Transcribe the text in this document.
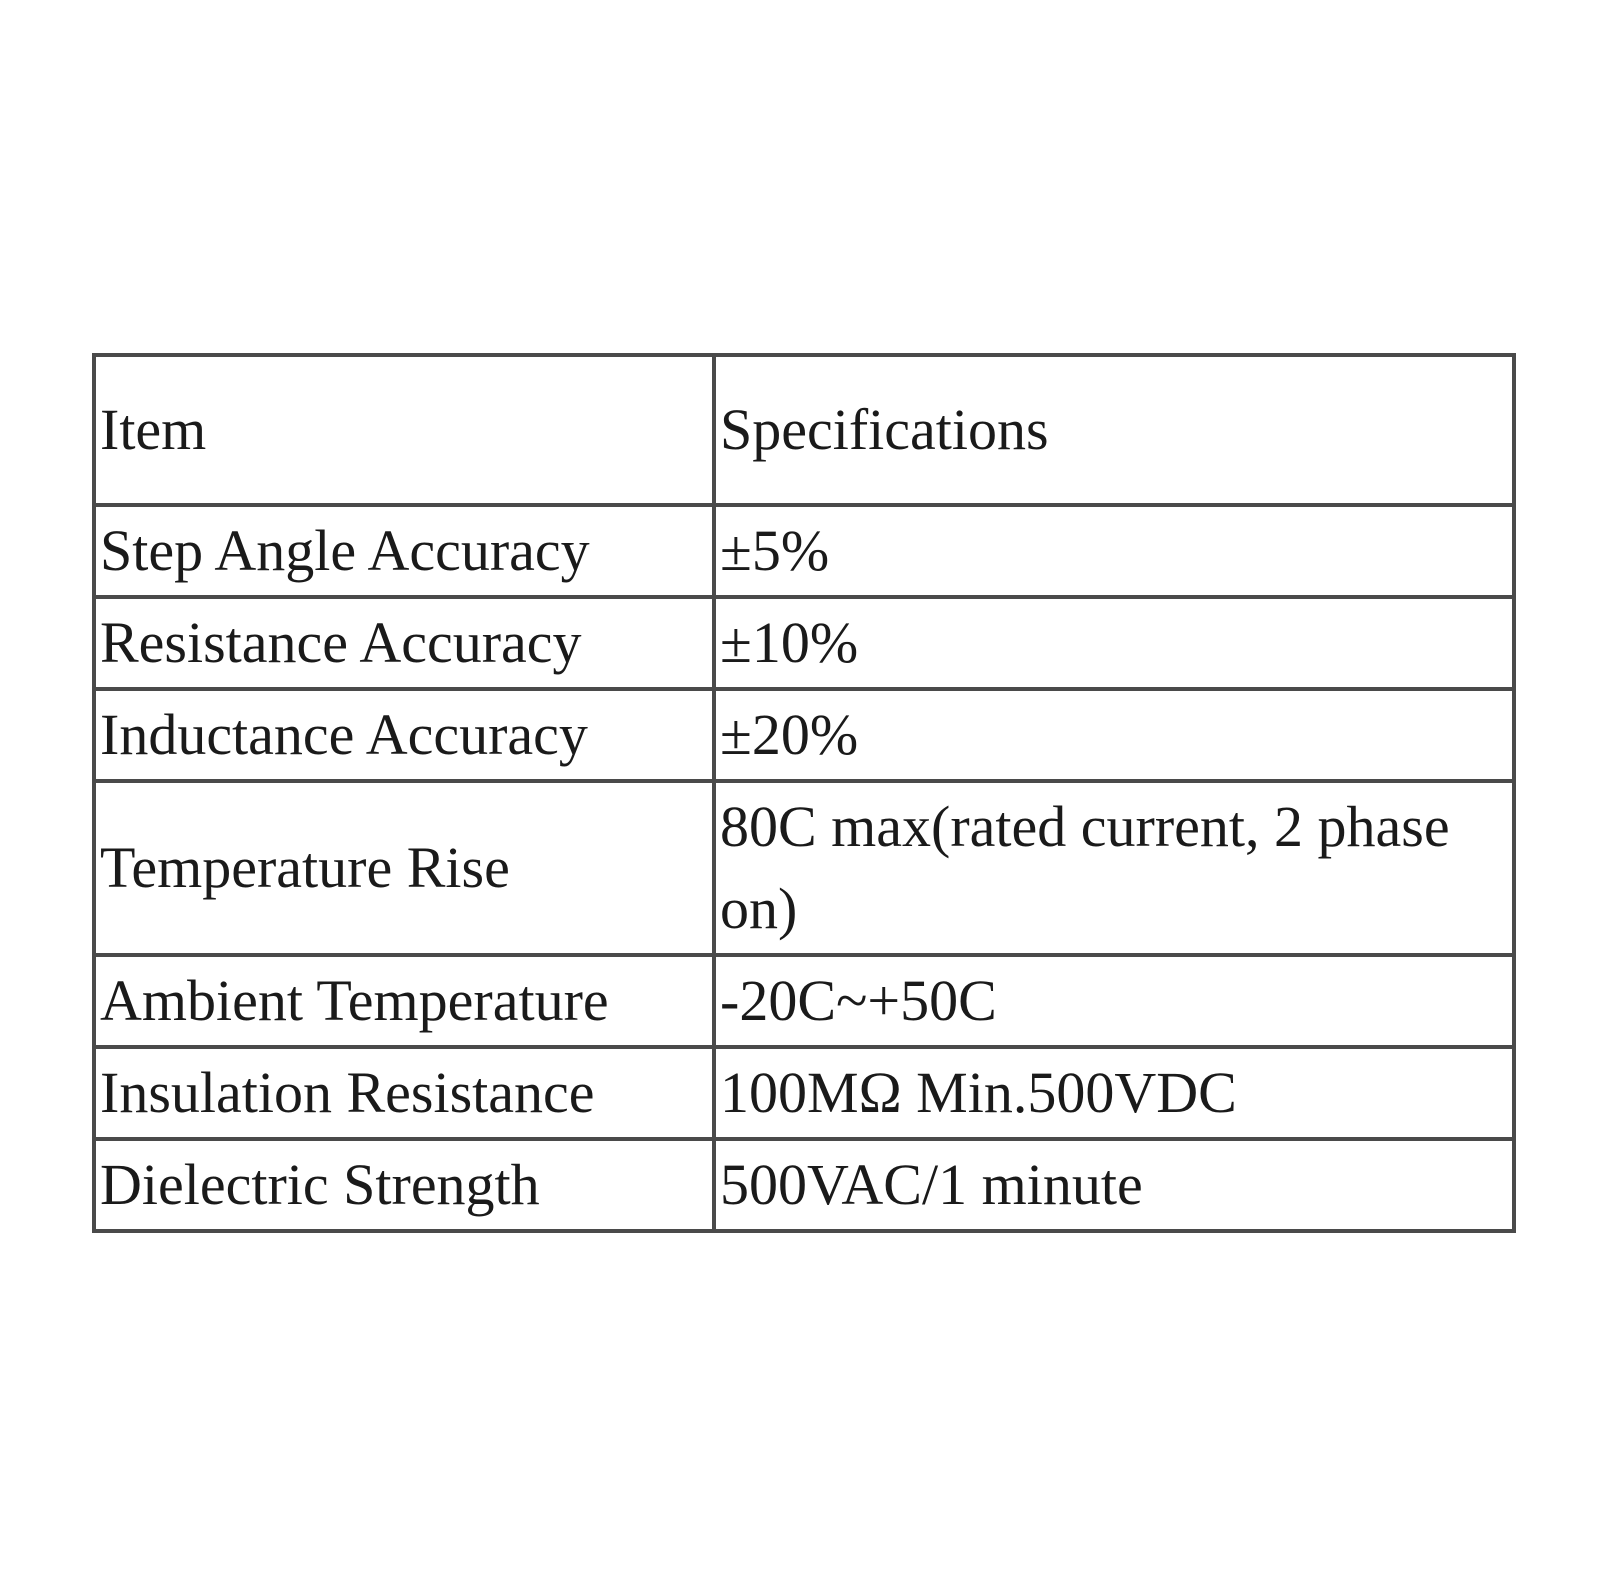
Item	Specifications
Step Angle Accuracy	±5%
Resistance Accuracy	±10%
Inductance Accuracy	±20%
Temperature Rise	80C max(rated current, 2 phase on)
Ambient Temperature	-20C~+50C
Insulation Resistance	100MΩ Min.500VDC
Dielectric Strength	500VAC/1 minute
